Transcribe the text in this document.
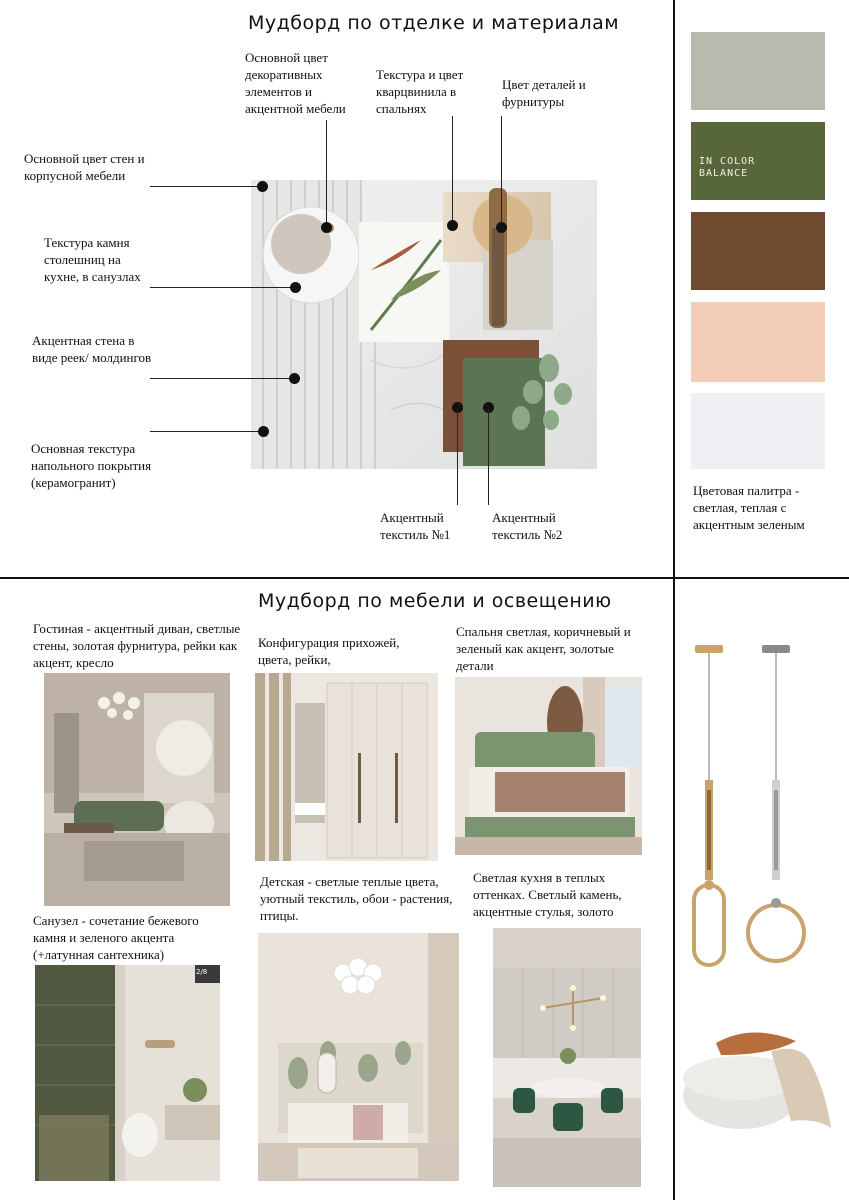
Мудборд по отделке и материалам
Основной цвет декоративных элементов и акцентной мебели
Текстура и цвет кварцвинила в спальнях
Цвет деталей и фурнитуры
Основной цвет стен и корпусной мебели
Текстура камня столешниц на кухне, в санузлах
Акцентная стена в виде реек/ молдингов
Основная текстура напольного покрытия (керамогранит)
Акцентный текстиль №1
Акцентный текстиль №2
IN COLOR BALANCE
Цветовая палитра - светлая, теплая с акцентным зеленым
Мудборд по мебели и освещению
Гостиная - акцентный диван, светлые стены, золотая фурнитура, рейки как акцент, кресло
Конфигурация прихожей, цвета, рейки,
Спальня светлая, коричневый и зеленый как акцент, золотые детали
Детская - светлые теплые цвета, уютный текстиль, обои - растения, птицы.
Светлая кухня в теплых оттенках. Светлый камень, акцентные стулья, золото
Санузел - сочетание бежевого камня и зеленого акцента (+латунная сантехника)
2/8
